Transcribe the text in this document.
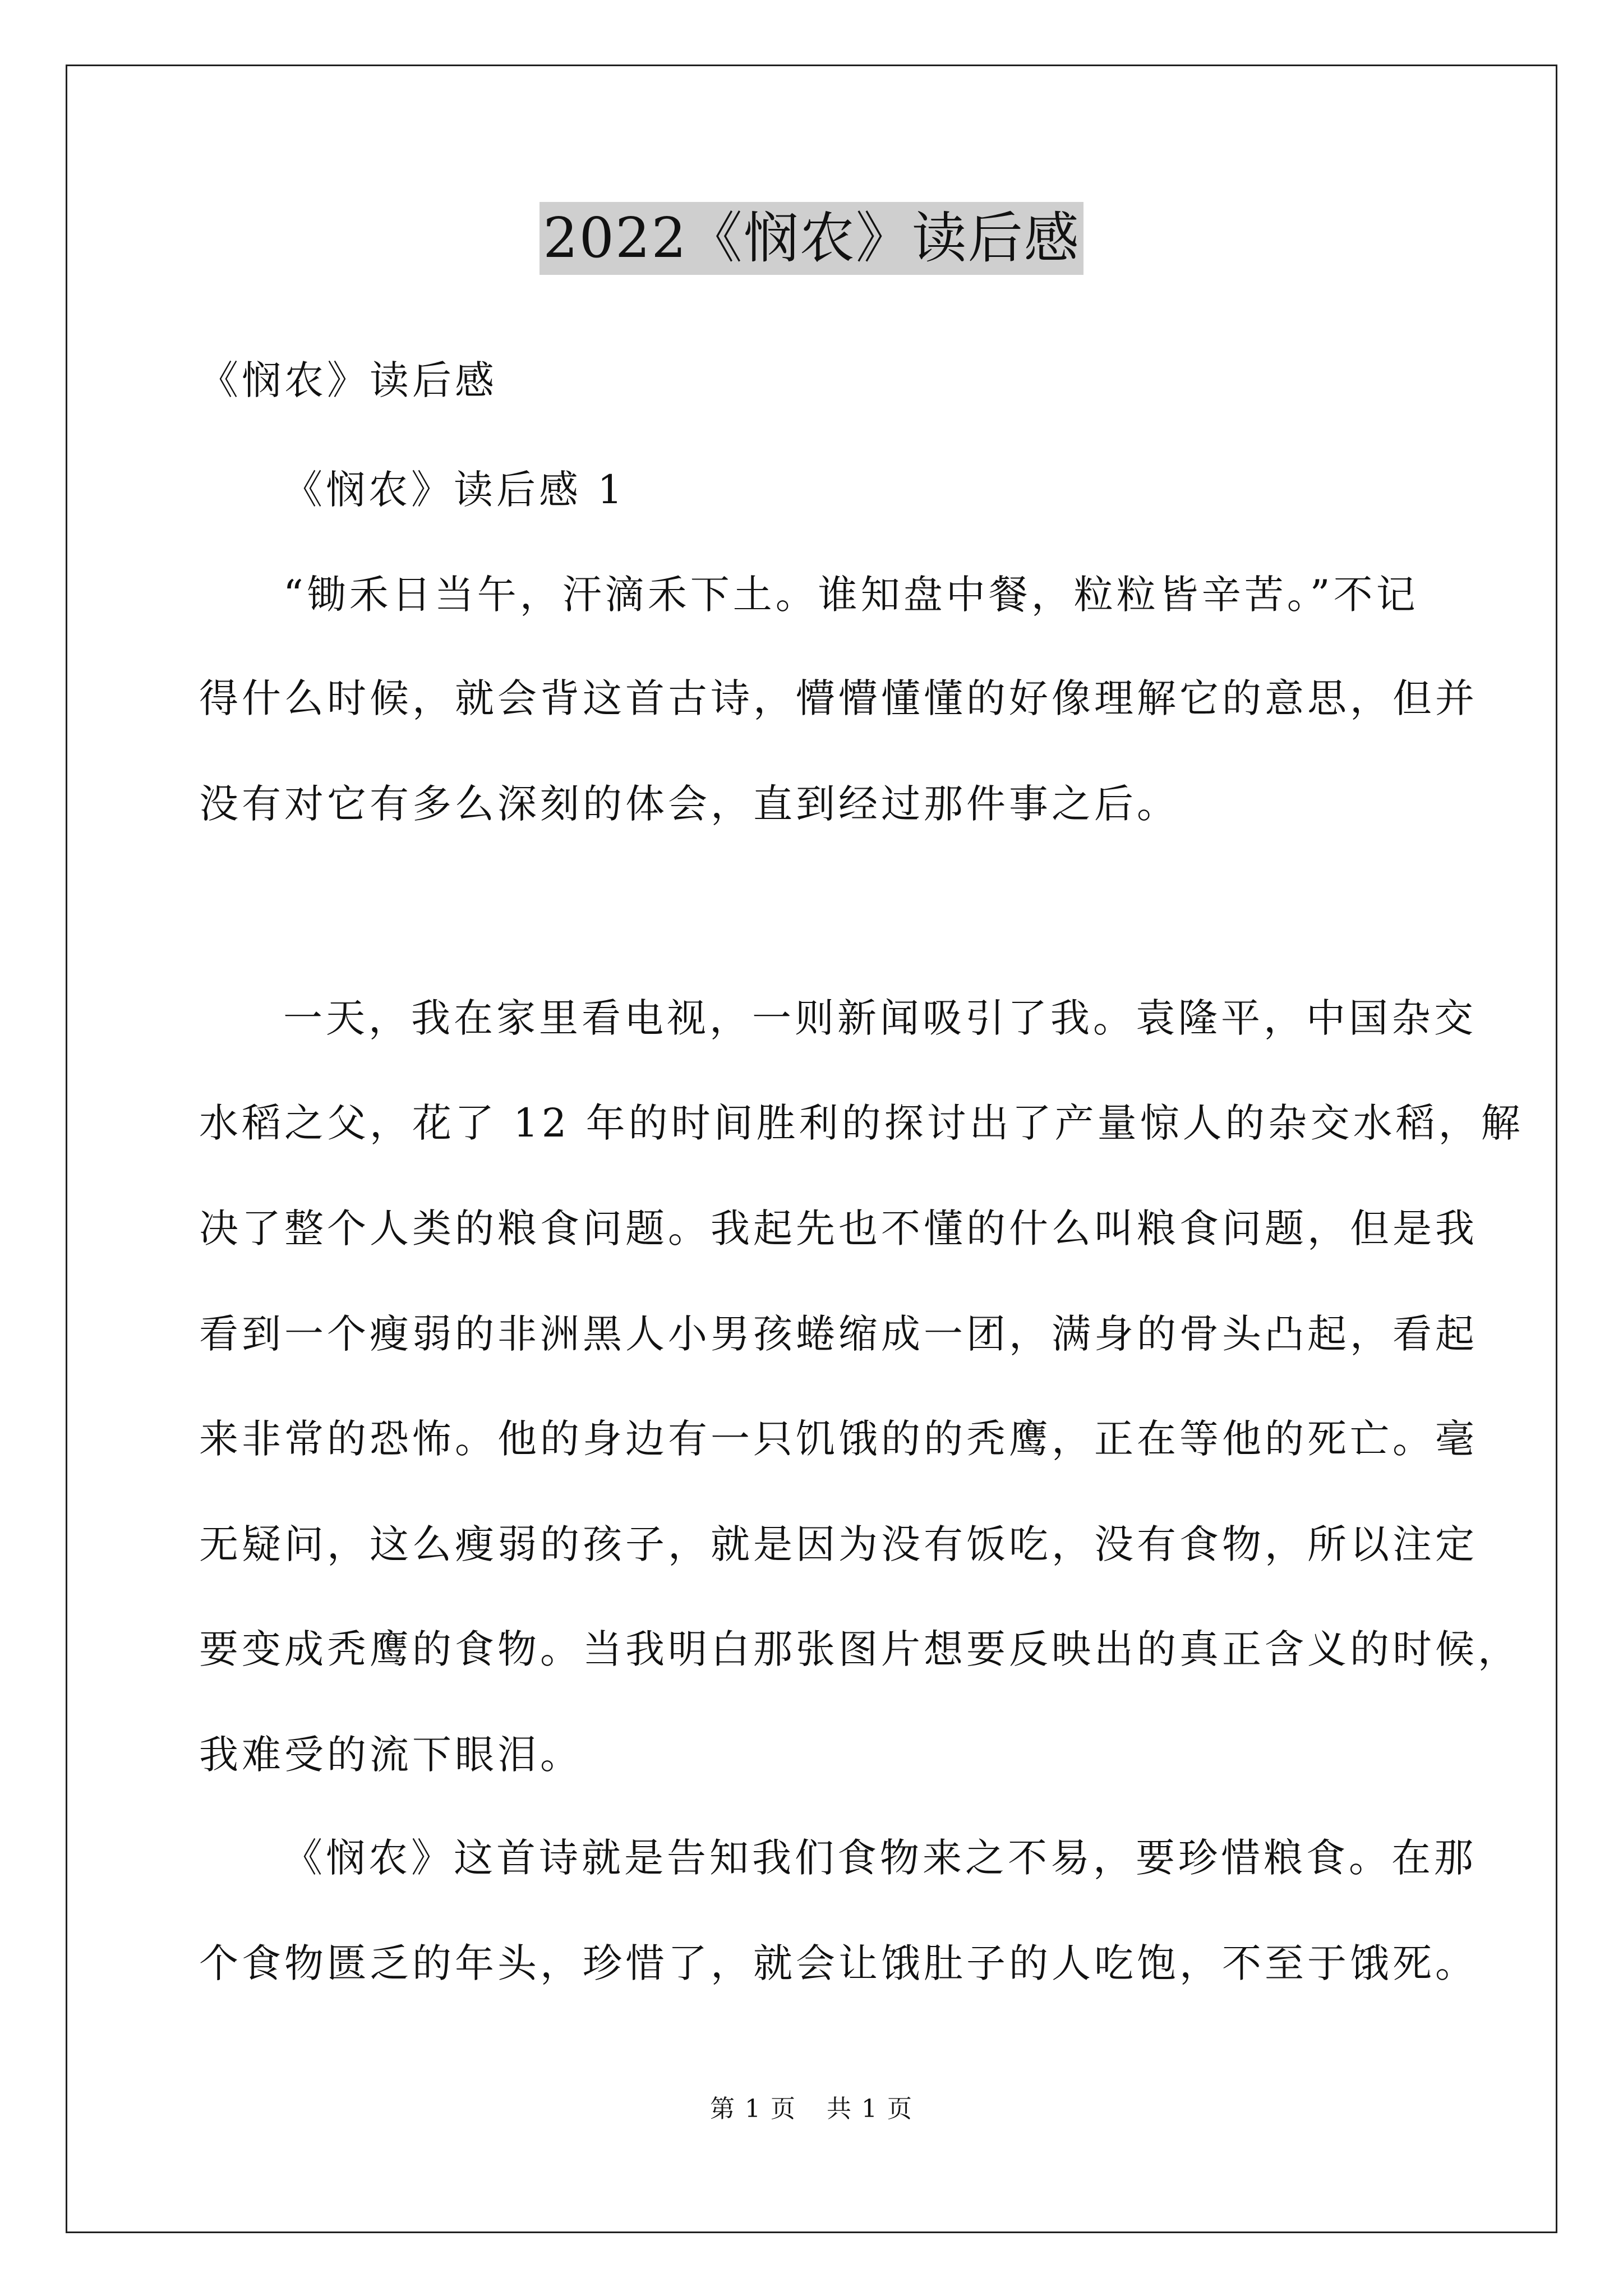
2022《悯农》读后感
《悯农》读后感
《悯农》读后感 1
“锄禾日当午，汗滴禾下土。谁知盘中餐，粒粒皆辛苦。”不记
得什么时候，就会背这首古诗，懵懵懂懂的好像理解它的意思，但并
没有对它有多么深刻的体会，直到经过那件事之后。
一天，我在家里看电视，一则新闻吸引了我。袁隆平，中国杂交
水稻之父，花了 12 年的时间胜利的探讨出了产量惊人的杂交水稻，解
决了整个人类的粮食问题。我起先也不懂的什么叫粮食问题，但是我
看到一个瘦弱的非洲黑人小男孩蜷缩成一团，满身的骨头凸起，看起
来非常的恐怖。他的身边有一只饥饿的的秃鹰，正在等他的死亡。毫
无疑问，这么瘦弱的孩子，就是因为没有饭吃，没有食物，所以注定
要变成秃鹰的食物。当我明白那张图片想要反映出的真正含义的时候，
我难受的流下眼泪。
《悯农》这首诗就是告知我们食物来之不易，要珍惜粮食。在那
个食物匮乏的年头，珍惜了，就会让饿肚子的人吃饱，不至于饿死。
第 1 页 共 1 页
